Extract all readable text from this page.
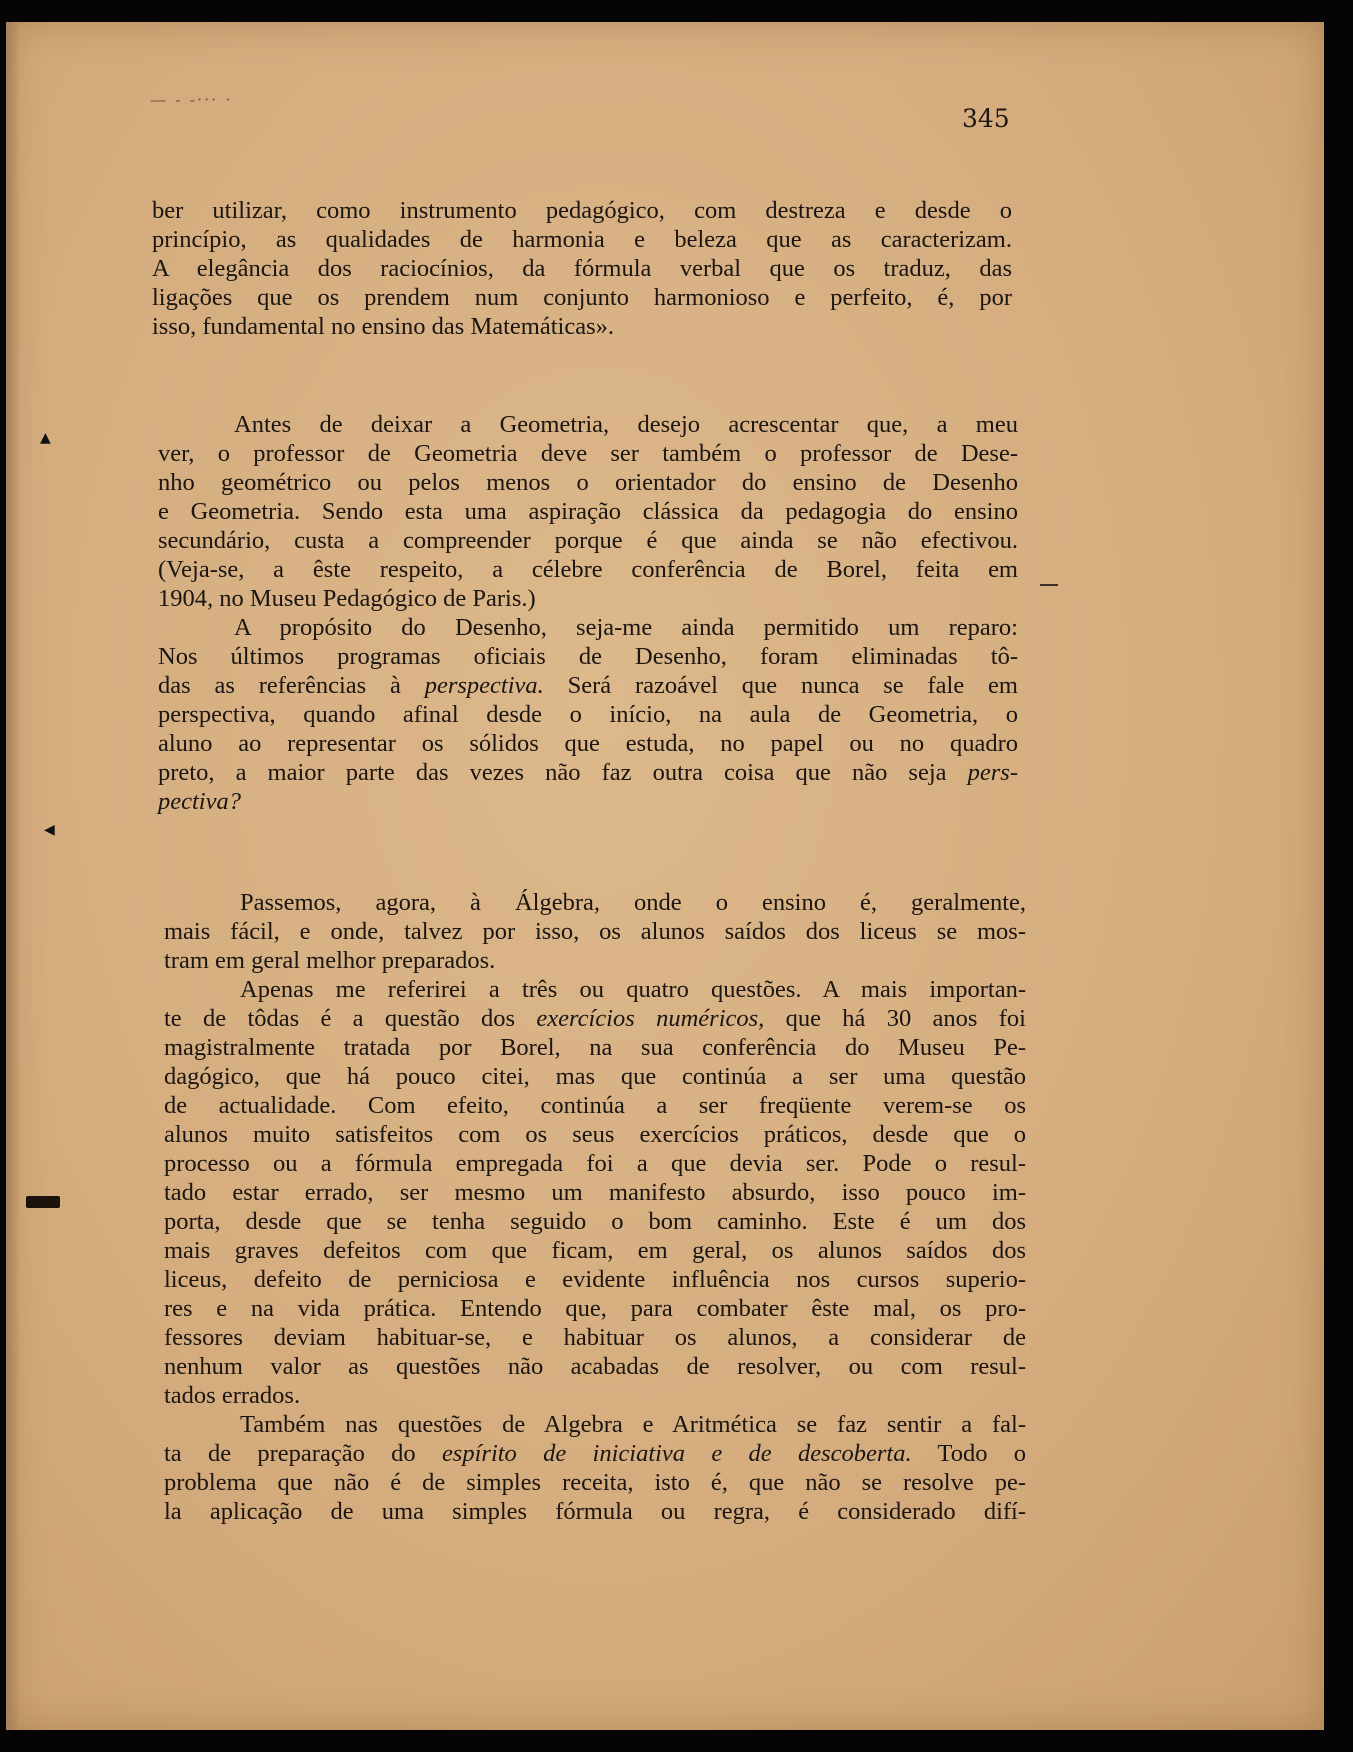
— - -··· ·
345
ber utilizar, como instrumento pedagógico, com destreza e desde o
princípio, as qualidades de harmonia e beleza que as caracterizam.
A elegância dos raciocínios, da fórmula verbal que os traduz, das
ligações que os prendem num conjunto harmonioso e perfeito, é, por
isso, fundamental no ensino das Matemáticas».
Antes de deixar a Geometria, desejo acrescentar que, a meu
ver, o professor de Geometria deve ser também o professor de Dese-
nho geométrico ou pelos menos o orientador do ensino de Desenho
e Geometria. Sendo esta uma aspiração clássica da pedagogia do ensino
secundário, custa a compreender porque é que ainda se não efectivou.
(Veja-se, a êste respeito, a célebre conferência de Borel, feita em
1904, no Museu Pedagógico de Paris.)
A propósito do Desenho, seja-me ainda permitido um reparo:
Nos últimos programas oficiais de Desenho, foram eliminadas tô-
das as referências à perspectiva. Será razoável que nunca se fale em
perspectiva, quando afinal desde o início, na aula de Geometria, o
aluno ao representar os sólidos que estuda, no papel ou no quadro
preto, a maior parte das vezes não faz outra coisa que não seja pers-
pectiva?
Passemos, agora, à Álgebra, onde o ensino é, geralmente,
mais fácil, e onde, talvez por isso, os alunos saídos dos liceus se mos-
tram em geral melhor preparados.
Apenas me referirei a três ou quatro questões. A mais importan-
te de tôdas é a questão dos exercícios numéricos, que há 30 anos foi
magistralmente tratada por Borel, na sua conferência do Museu Pe-
dagógico, que há pouco citei, mas que continúa a ser uma questão
de actualidade. Com efeito, continúa a ser freqüente verem-se os
alunos muito satisfeitos com os seus exercícios práticos, desde que o
processo ou a fórmula empregada foi a que devia ser. Pode o resul-
tado estar errado, ser mesmo um manifesto absurdo, isso pouco im-
porta, desde que se tenha seguido o bom caminho. Este é um dos
mais graves defeitos com que ficam, em geral, os alunos saídos dos
liceus, defeito de perniciosa e evidente influência nos cursos superio-
res e na vida prática. Entendo que, para combater êste mal, os pro-
fessores deviam habituar-se, e habituar os alunos, a considerar de
nenhum valor as questões não acabadas de resolver, ou com resul-
tados errados.
Também nas questões de Algebra e Aritmética se faz sentir a fal-
ta de preparação do espírito de iniciativa e de descoberta. Todo o
problema que não é de simples receita, isto é, que não se resolve pe-
la aplicação de uma simples fórmula ou regra, é considerado difí-
▲
◀
